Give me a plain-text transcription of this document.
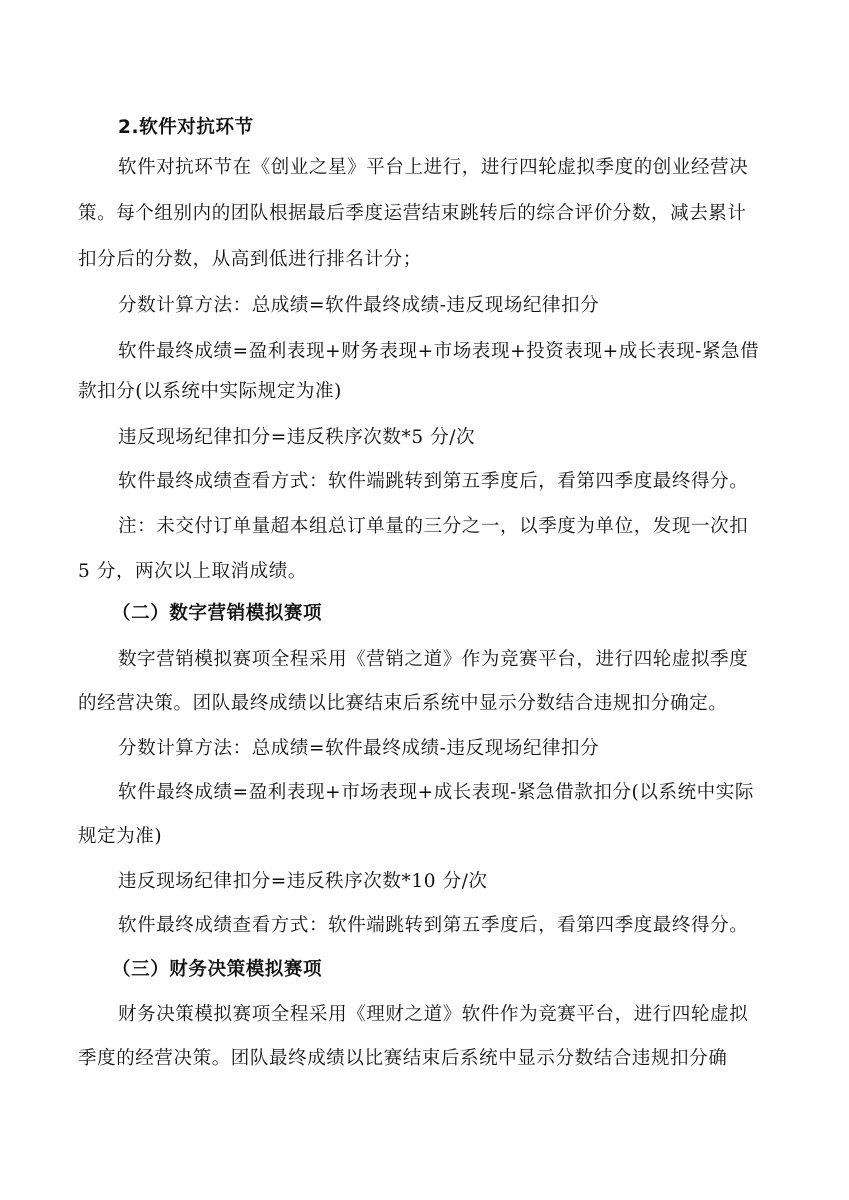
2.软件对抗环节
软件对抗环节在《创业之星》平台上进行，进行四轮虚拟季度的创业经营决
策。每个组别内的团队根据最后季度运营结束跳转后的综合评价分数，减去累计
扣分后的分数，从高到低进行排名计分；
分数计算方法：总成绩=软件最终成绩-违反现场纪律扣分
软件最终成绩=盈利表现+财务表现+市场表现+投资表现+成长表现-紧急借
款扣分(以系统中实际规定为准)
违反现场纪律扣分=违反秩序次数*5 分/次
软件最终成绩查看方式：软件端跳转到第五季度后，看第四季度最终得分。
注：未交付订单量超本组总订单量的三分之一，以季度为单位，发现一次扣
5 分，两次以上取消成绩。
（二）数字营销模拟赛项
数字营销模拟赛项全程采用《营销之道》作为竞赛平台，进行四轮虚拟季度
的经营决策。团队最终成绩以比赛结束后系统中显示分数结合违规扣分确定。
分数计算方法：总成绩=软件最终成绩-违反现场纪律扣分
软件最终成绩=盈利表现+市场表现+成长表现-紧急借款扣分(以系统中实际
规定为准)
违反现场纪律扣分=违反秩序次数*10 分/次
软件最终成绩查看方式：软件端跳转到第五季度后，看第四季度最终得分。
（三）财务决策模拟赛项
财务决策模拟赛项全程采用《理财之道》软件作为竞赛平台，进行四轮虚拟
季度的经营决策。团队最终成绩以比赛结束后系统中显示分数结合违规扣分确
